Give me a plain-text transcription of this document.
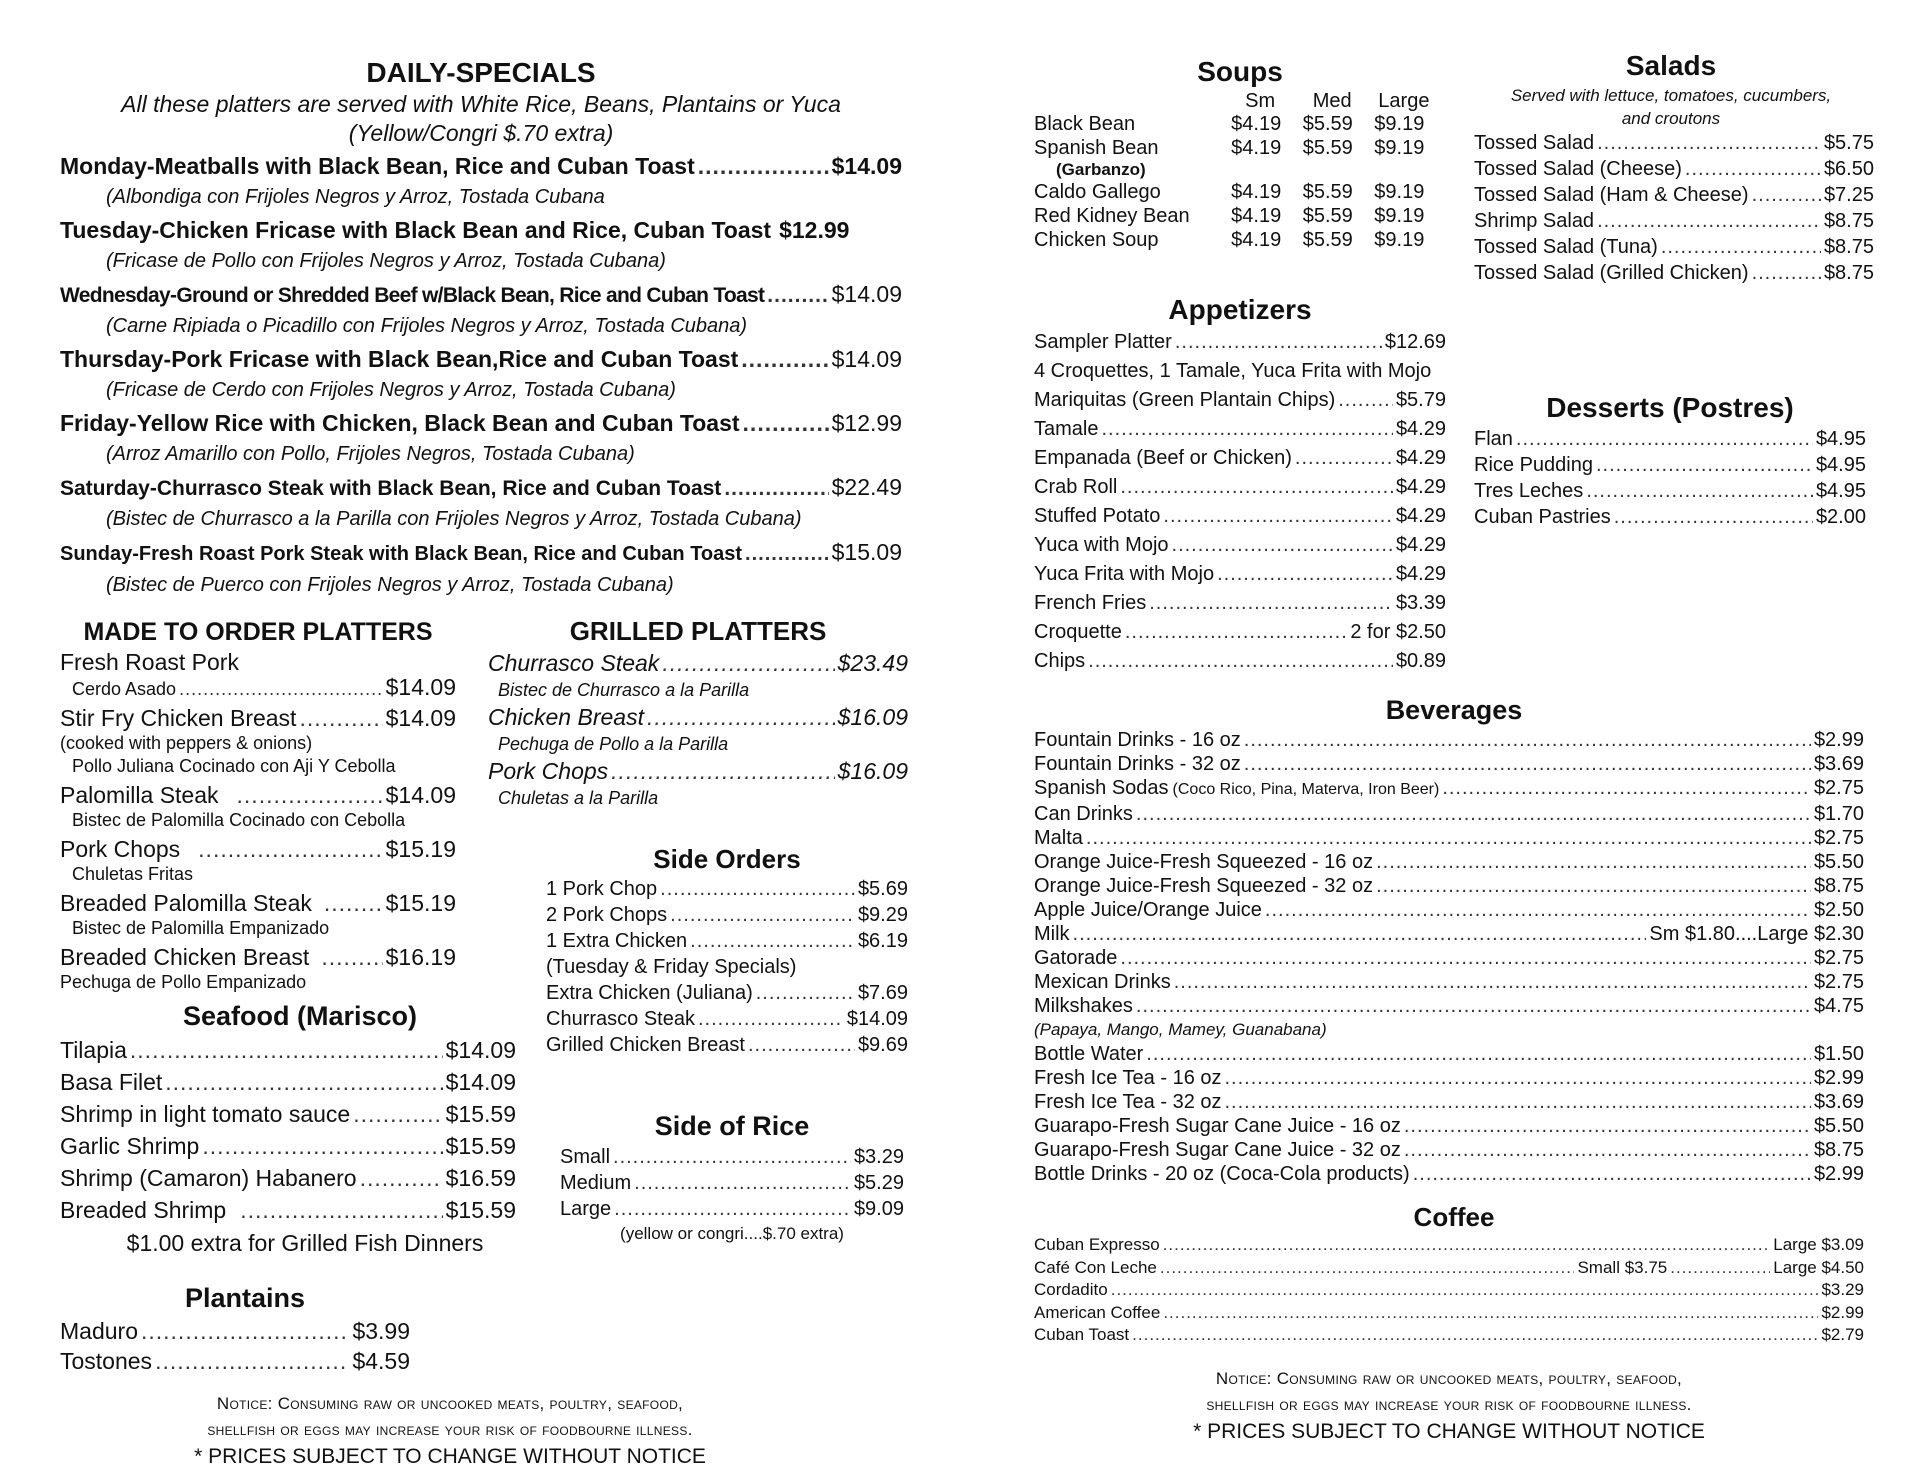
DAILY-SPECIALS
All these platters are served with White Rice, Beans, Plantains or Yuca
(Yellow/Congri $.70 extra)
Monday - Meatballs with Black Bean, Rice and Cuban Toast .....	$14.09
(Albondiga con Frijoles Negros y Arroz, Tostada Cubana
Tuesday - Chicken Fricase with Black Bean and Rice, Cuban Toast $12.99
(Fricase de Pollo con Frijoles Negros y Arroz, Tostada Cubana)
Wednesday - Ground or Shredded Beef w/Black Bean, Rice and Cuban Toast .....	$14.09
(Carne Ripiada o Picadillo con Frijoles Negros y Arroz, Tostada Cubana)
Thursday - Pork Fricase with Black Bean,Rice and Cuban Toast .....	$14.09
(Fricase de Cerdo con Frijoles Negros y Arroz, Tostada Cubana)
Friday - Yellow Rice with Chicken, Black Bean and Cuban Toast .....	$12.99
(Arroz Amarillo con Pollo, Frijoles Negros, Tostada Cubana)
Saturday - Churrasco Steak with Black Bean, Rice and Cuban Toast .....	$22.49
(Bistec de Churrasco a la Parilla con Frijoles Negros y Arroz, Tostada Cubana)
Sunday - Fresh Roast Pork Steak with Black Bean, Rice and Cuban Toast .....	$15.09
(Bistec de Puerco con Frijoles Negros y Arroz, Tostada Cubana)
MADE TO ORDER PLATTERS
Fresh Roast Pork
Cerdo Asado .....	$14.09
Stir Fry Chicken Breast .....	$14.09
(cooked with peppers & onions)
Pollo Juliana Cocinado con Aji Y Cebolla
Palomilla Steak .....	$14.09
Bistec de Palomilla Cocinado con Cebolla
Pork Chops .....	$15.19
Chuletas Fritas
Breaded Palomilla Steak .....	$15.19
Bistec de Palomilla Empanizado
Breaded Chicken Breast .....	$16.19
Pechuga de Pollo Empanizado
Seafood (Marisco)
Tilapia .....	$14.09
Basa Filet .....	$14.09
Shrimp in light tomato sauce .....	$15.59
Garlic Shrimp .....	$15.59
Shrimp (Camaron) Habanero .....	$16.59
Breaded Shrimp .....	$15.59
$1.00 extra for Grilled Fish Dinners
Plantains
Maduro .....	$3.99
Tostones .....	$4.59
Notice: Consuming raw or uncooked meats, poultry, seafood,
shellfish or eggs may increase your risk of foodbourne illness.
* PRICES SUBJECT TO CHANGE WITHOUT NOTICE
GRILLED PLATTERS
Churrasco Steak .....	$23.49
Bistec de Churrasco a la Parilla
Chicken Breast .....	$16.09
Pechuga de Pollo a la Parilla
Pork Chops .....	$16.09
Chuletas a la Parilla
Side Orders
1 Pork Chop .....	$5.69
2 Pork Chops .....	$9.29
1 Extra Chicken .....	$6.19
(Tuesday & Friday Specials)
Extra Chicken (Juliana) .....	$7.69
Churrasco Steak .....	$14.09
Grilled Chicken Breast .....	$9.69
Side of Rice
Small .....	$3.29
Medium .....	$5.29
Large .....	$9.09
(yellow or congri....$.70 extra)
Soups
	Sm	Med	Large
Black Bean	$4.19	$5.59	$9.19
Spanish Bean	$4.19	$5.59	$9.19
(Garbanzo)			
Caldo Gallego	$4.19	$5.59	$9.19
Red Kidney Bean	$4.19	$5.59	$9.19
Chicken Soup	$4.19	$5.59	$9.19
Salads
Served with lettuce, tomatoes, cucumbers,
and croutons
Tossed Salad .....	$5.75
Tossed Salad (Cheese) .....	$6.50
Tossed Salad (Ham & Cheese) .....	$7.25
Shrimp Salad .....	$8.75
Tossed Salad (Tuna) .....	$8.75
Tossed Salad (Grilled Chicken) .....	$8.75
Appetizers
Sampler Platter .....	$12.69
4 Croquettes, 1 Tamale, Yuca Frita with Mojo
Mariquitas (Green Plantain Chips) .....	$5.79
Tamale .....	$4.29
Empanada (Beef or Chicken) .....	$4.29
Crab Roll .....	$4.29
Stuffed Potato .....	$4.29
Yuca with Mojo .....	$4.29
Yuca Frita with Mojo .....	$4.29
French Fries .....	$3.39
Croquette .....	2 for $2.50
Chips .....	$0.89
Desserts (Postres)
Flan .....	$4.95
Rice Pudding .....	$4.95
Tres Leches .....	$4.95
Cuban Pastries .....	$2.00
Beverages
Fountain Drinks - 16 oz .....	$2.99
Fountain Drinks - 32 oz .....	$3.69
Spanish Sodas (Coco Rico, Pina, Materva, Iron Beer) .....	$2.75
Can Drinks .....	$1.70
Malta .....	$2.75
Orange Juice-Fresh Squeezed - 16 oz .....	$5.50
Orange Juice-Fresh Squeezed - 32 oz .....	$8.75
Apple Juice/Orange Juice .....	$2.50
Milk .....	Sm $1.80....Large $2.30
Gatorade .....	$2.75
Mexican Drinks .....	$2.75
Milkshakes .....	$4.75
(Papaya, Mango, Mamey, Guanabana)
Bottle Water .....	$1.50
Fresh Ice Tea - 16 oz .....	$2.99
Fresh Ice Tea - 32 oz .....	$3.69
Guarapo-Fresh Sugar Cane Juice - 16 oz .....	$5.50
Guarapo-Fresh Sugar Cane Juice - 32 oz .....	$8.75
Bottle Drinks - 20 oz (Coca-Cola products) .....	$2.99
Coffee
Cuban Expresso .....	Large $3.09
Café Con Leche .....	Small $3.75 .....	Large $4.50
Cordadito .....	$3.29
American Coffee .....	$2.99
Cuban Toast .....	$2.79
Notice: Consuming raw or uncooked meats, poultry, seafood,
shellfish or eggs may increase your risk of foodbourne illness.
* PRICES SUBJECT TO CHANGE WITHOUT NOTICE
